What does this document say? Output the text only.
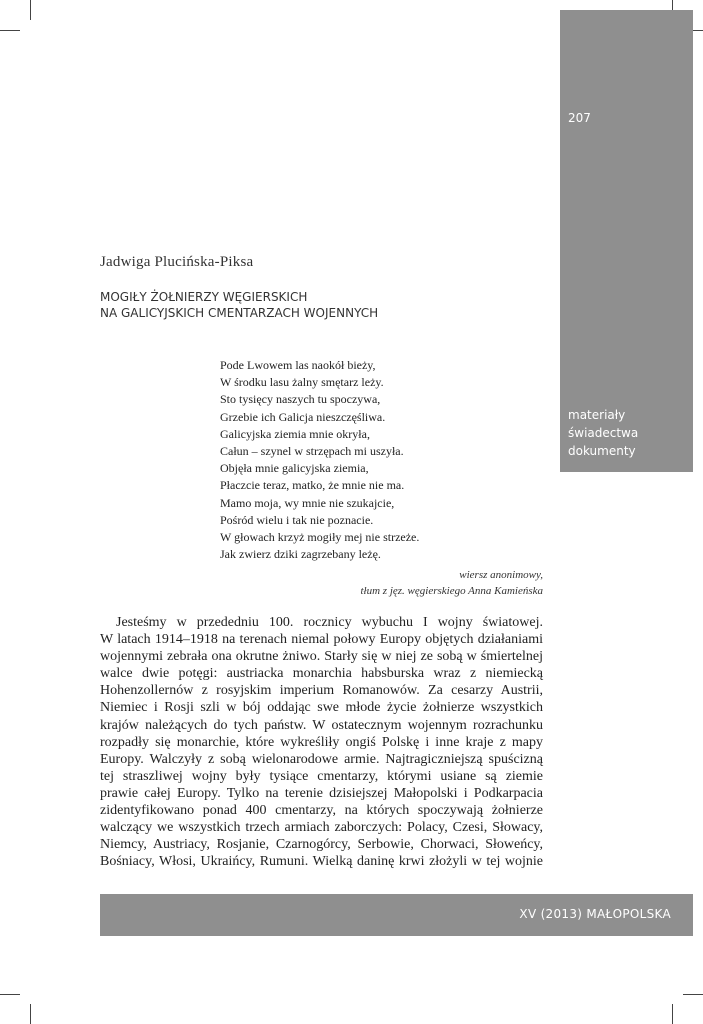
207
materiały
świadectwa
dokumenty
Jadwiga Plucińska-Piksa
MOGIŁY ŻOŁNIERZY WĘGIERSKICH
NA GALICYJSKICH CMENTARZACH WOJENNYCH
Pode Lwowem las naokół bieży,
W środku lasu żalny smętarz leży.
Sto tysięcy naszych tu spoczywa,
Grzebie ich Galicja nieszczęśliwa.
Galicyjska ziemia mnie okryła,
Całun – szynel w strzępach mi uszyła.
Objęła mnie galicyjska ziemia,
Płaczcie teraz, matko, że mnie nie ma.
Mamo moja, wy mnie nie szukajcie,
Pośród wielu i tak nie poznacie.
W głowach krzyż mogiły mej nie strzeże.
Jak zwierz dziki zagrzebany leżę.
wiersz anonimowy,
tłum z jęz. węgierskiego Anna Kamieńska
Jesteśmy w przededniu 100. rocznicy wybuchu I wojny światowej.
W latach 1914–1918 na terenach niemal połowy Europy objętych działaniami
wojennymi zebrała ona okrutne żniwo. Starły się w niej ze sobą w śmiertelnej
walce dwie potęgi: austriacka monarchia habsburska wraz z niemiecką
Hohenzollernów z rosyjskim imperium Romanowów. Za cesarzy Austrii,
Niemiec i Rosji szli w bój oddając swe młode życie żołnierze wszystkich
krajów należących do tych państw. W ostatecznym wojennym rozrachunku
rozpadły się monarchie, które wykreśliły ongiś Polskę i inne kraje z mapy
Europy. Walczyły z sobą wielonarodowe armie. Najtragiczniejszą spuścizną
tej straszliwej wojny były tysiące cmentarzy, którymi usiane są ziemie
prawie całej Europy. Tylko na terenie dzisiejszej Małopolski i Podkarpacia
zidentyfikowano ponad 400 cmentarzy, na których spoczywają żołnierze
walczący we wszystkich trzech armiach zaborczych: Polacy, Czesi, Słowacy,
Niemcy, Austriacy, Rosjanie, Czarnogórcy, Serbowie, Chorwaci, Słoweńcy,
Bośniacy, Włosi, Ukraińcy, Rumuni. Wielką daninę krwi złożyli w tej wojnie
XV (2013) MAŁOPOLSKA
